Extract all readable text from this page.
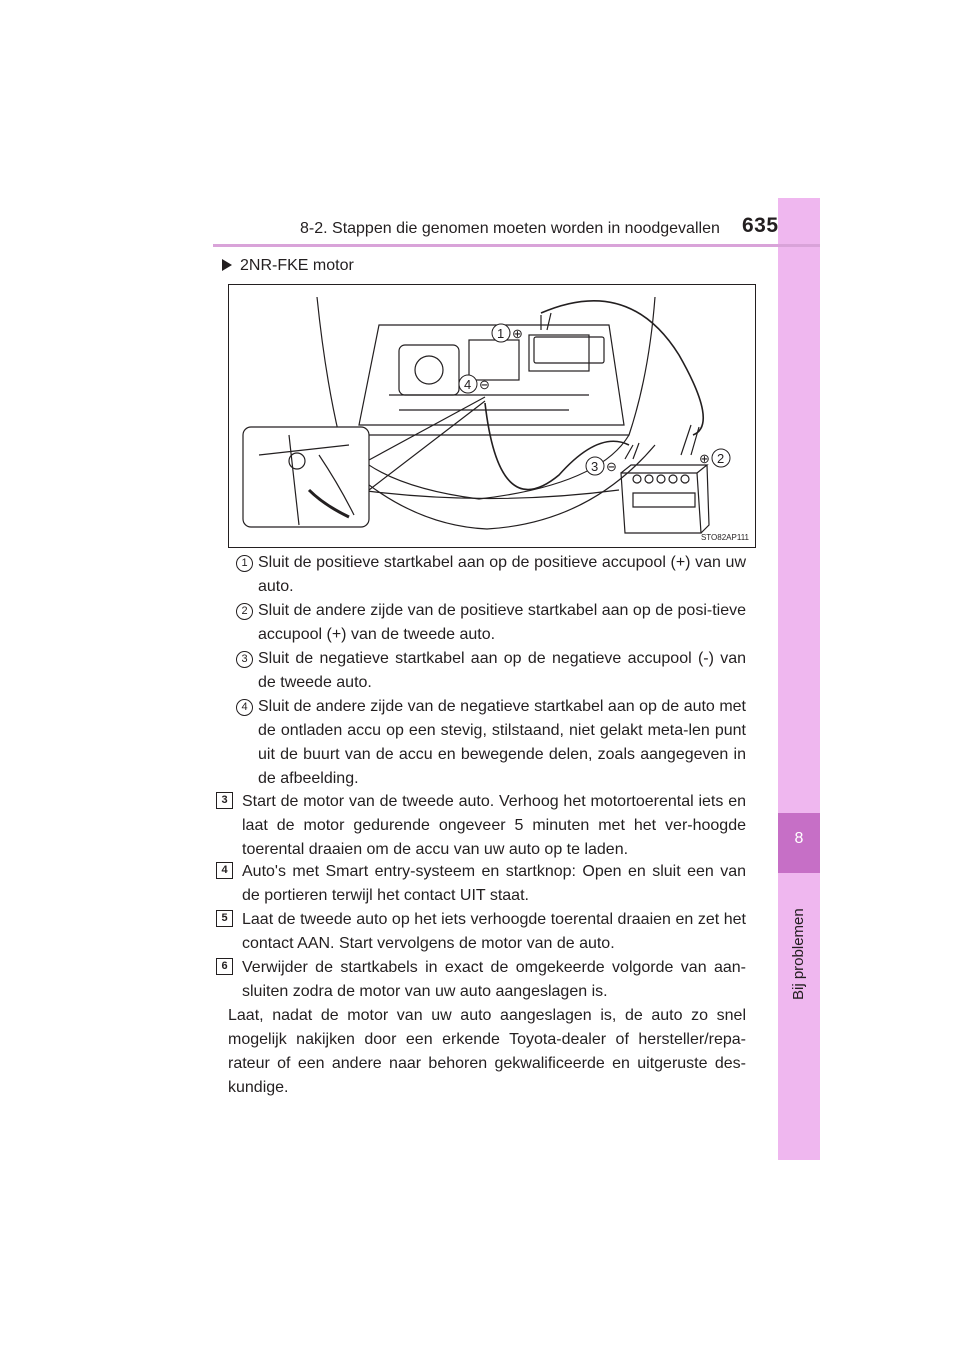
8
Bij problemen
8-2. Stappen die genomen moeten worden in noodgevallen 635
2NR-FKE motor
1 ⊕
2
⊕
3 ⊖
4 ⊖
STO82AP111
1 Sluit de positieve startkabel aan op de positieve accupool (+) van uw auto.
2 Sluit de andere zijde van de positieve startkabel aan op de posi-tieve accupool (+) van de tweede auto.
3 Sluit de negatieve startkabel aan op de negatieve accupool (-) van de tweede auto.
4 Sluit de andere zijde van de negatieve startkabel aan op de auto met de ontladen accu op een stevig, stilstaand, niet gelakt meta-len punt uit de buurt van de accu en bewegende delen, zoals aangegeven in de afbeelding.
3 Start de motor van de tweede auto. Verhoog het motortoerental iets en laat de motor gedurende ongeveer 5 minuten met het ver-hoogde toerental draaien om de accu van uw auto op te laden.
4 Auto's met Smart entry-systeem en startknop: Open en sluit een van de portieren terwijl het contact UIT staat.
5 Laat de tweede auto op het iets verhoogde toerental draaien en zet het contact AAN. Start vervolgens de motor van de auto.
6 Verwijder de startkabels in exact de omgekeerde volgorde van aan-sluiten zodra de motor van uw auto aangeslagen is.
Laat, nadat de motor van uw auto aangeslagen is, de auto zo snel mogelijk nakijken door een erkende Toyota-dealer of hersteller/repa-rateur of een andere naar behoren gekwalificeerde en uitgeruste des-kundige.
